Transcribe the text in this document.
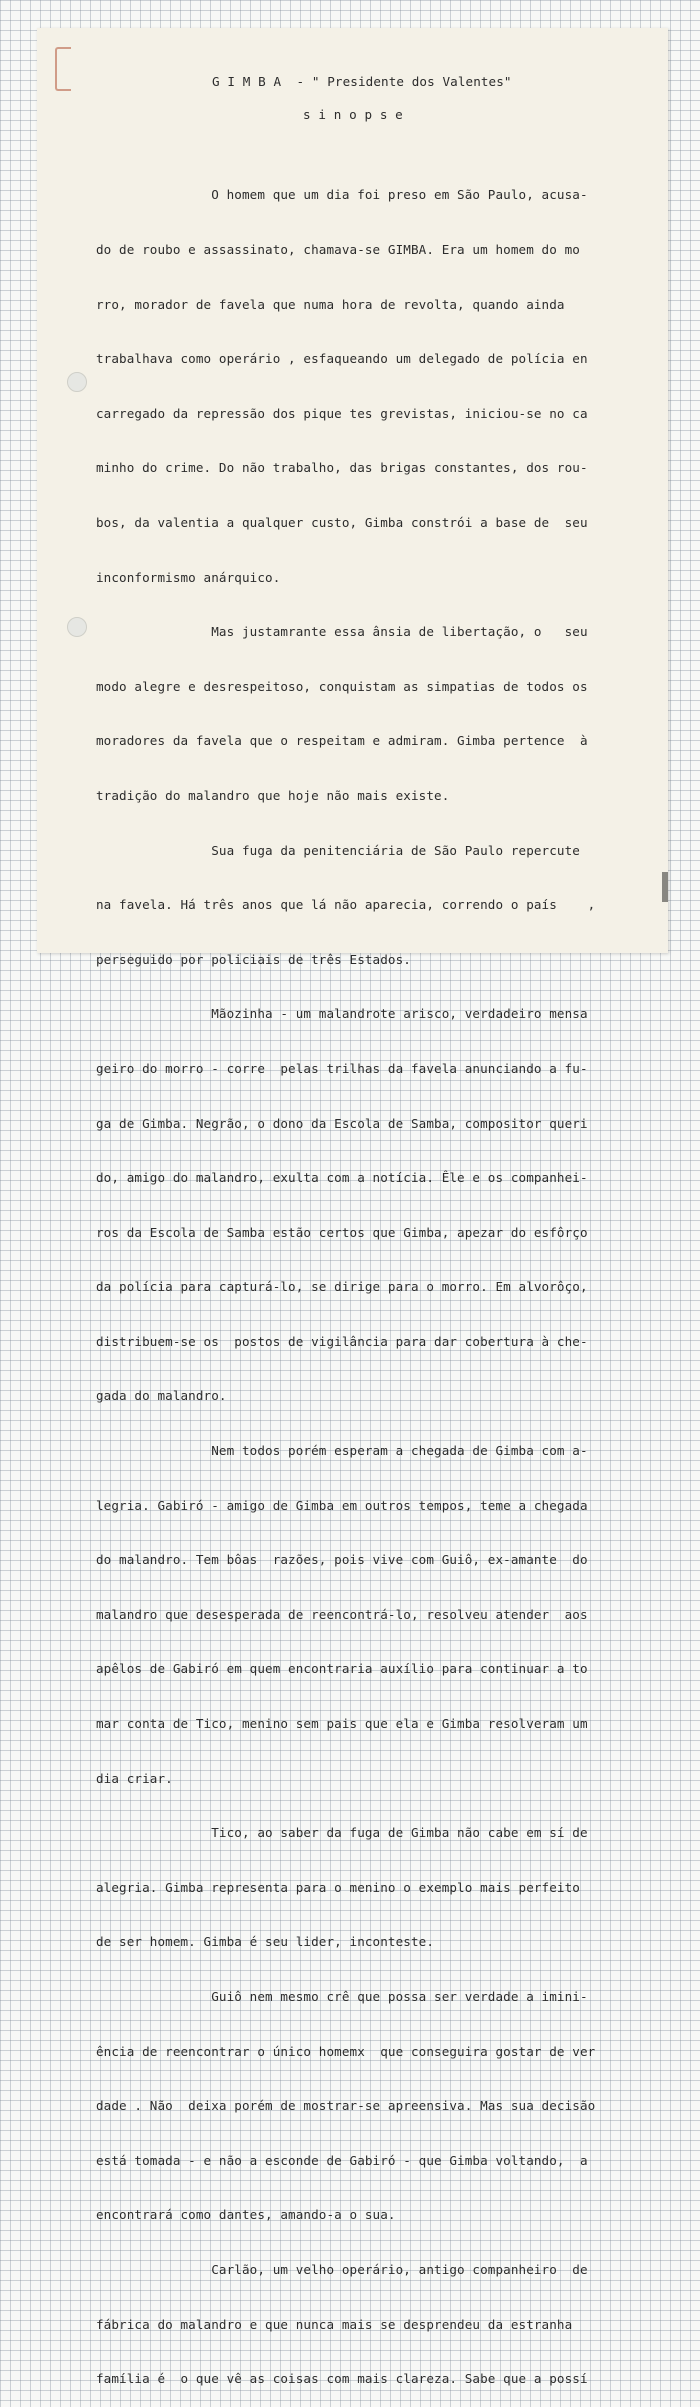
G I M B A  - " Presidente dos Valentes"
s i n o p s e

O homem que um dia foi preso em São Paulo, acusa-

do de roubo e assassinato, chamava-se GIMBA. Era um homem do mo

rro, morador de favela que numa hora de revolta, quando ainda

trabalhava como operário , esfaqueando um delegado de polícia en

carregado da repressão dos pique tes grevistas, iniciou-se no ca

minho do crime. Do não trabalho, das brigas constantes, dos rou-

bos, da valentia a qualquer custo, Gimba constrói a base de  seu

inconformismo anárquico.

Mas justamrante essa ânsia de libertação, o   seu

modo alegre e desrespeitoso, conquistam as simpatias de todos os

moradores da favela que o respeitam e admiram. Gimba pertence  à

tradição do malandro que hoje não mais existe.

Sua fuga da penitenciária de São Paulo repercute

na favela. Há três anos que lá não aparecia, correndo o país    ,

perseguido por policiais de três Estados.

Mãozinha - um malandrote arisco, verdadeiro mensa

geiro do morro - corre  pelas trilhas da favela anunciando a fu-

ga de Gimba. Negrão, o dono da Escola de Samba, compositor queri

do, amigo do malandro, exulta com a notícia. Êle e os companhei-

ros da Escola de Samba estão certos que Gimba, apezar do esfôrço

da polícia para capturá-lo, se dirige para o morro. Em alvorôço,

distribuem-se os  postos de vigilância para dar cobertura à che-

gada do malandro.

Nem todos porém esperam a chegada de Gimba com a-

legria. Gabiró - amigo de Gimba em outros tempos, teme a chegada

do malandro. Tem bôas  razões, pois vive com Guiô, ex-amante  do

malandro que desesperada de reencontrá-lo, resolveu atender  aos

apêlos de Gabiró em quem encontraria auxílio para continuar a to

mar conta de Tico, menino sem pais que ela e Gimba resolveram um

dia criar.

Tico, ao saber da fuga de Gimba não cabe em sí de

alegria. Gimba representa para o menino o exemplo mais perfeito

de ser homem. Gimba é seu lider, inconteste.

Guiô nem mesmo crê que possa ser verdade a imini-

ência de reencontrar o único homemx  que conseguira gostar de ver

dade . Não  deixa porém de mostrar-se apreensiva. Mas sua decisão

está tomada - e não a esconde de Gabiró - que Gimba voltando,  a

encontrará como dantes, amando-a o sua.

Carlão, um velho operário, antigo companheiro  de

fábrica do malandro e que nunca mais se desprendeu da estranha

família é  o que vê as coisas com mais clareza. Sabe que a possí
